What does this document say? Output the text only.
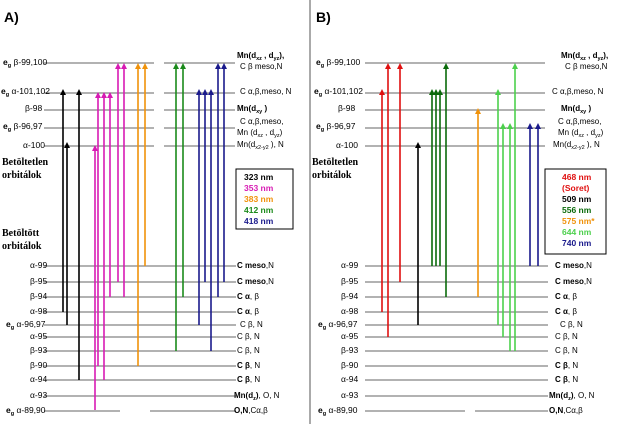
A)
$e_g$ β-99,100
$e_g$ α-101,102
β-98
$e_g$ β-96,97
α-100
$Mn(d_{xz}$ , $d_{yz}$),
C β meso,N
C α,β,meso, N
$Mn(d_{xy}$ )
C α,β,meso,
Mn ($d_{xz}$ , $d_{yz}$)
$Mn(d_{x2-y2}$ ), N
Betöltetlen
orbitálok
Betöltött
orbitálok
α-99
β-95
β-94
α-98
$e_g$ α-96,97
α-95
β-93
β-90
α-94
α-93
$e_g$ α-89,90
C meso,N
C meso,N
C α, β
C α, β
C β, N
C β, N
C β, N
C β, N
C β, N
$Mn(d_z)$, O, N
O,N,Cα,β
323 nm
353 nm
383 nm
412 nm
418 nm
B)
$e_g$ β-99,100
$e_g$ α-101,102
β-98
$e_g$ β-96,97
α-100
$Mn(d_{xz}$ , $d_{yz}$),
C β meso,N
C α,β,meso, N
$Mn(d_{xy}$ )
C α,β,meso,
Mn ($d_{xz}$ , $d_{yz}$)
$Mn(d_{x2-y2}$ ), N
Betöltetlen
orbitálok
α-99
β-95
β-94
α-98
$e_g$ α-96,97
α-95
β-93
β-90
α-94
α-93
$e_g$ α-89,90
C meso,N
C meso,N
C α, β
C α, β
C β, N
C β, N
C β, N
C β, N
C β, N
$Mn(d_z)$, O, N
O,N,Cα,β
468 nm
(Soret)
509 nm
556 nm
575 nm*
644 nm
740 nm
